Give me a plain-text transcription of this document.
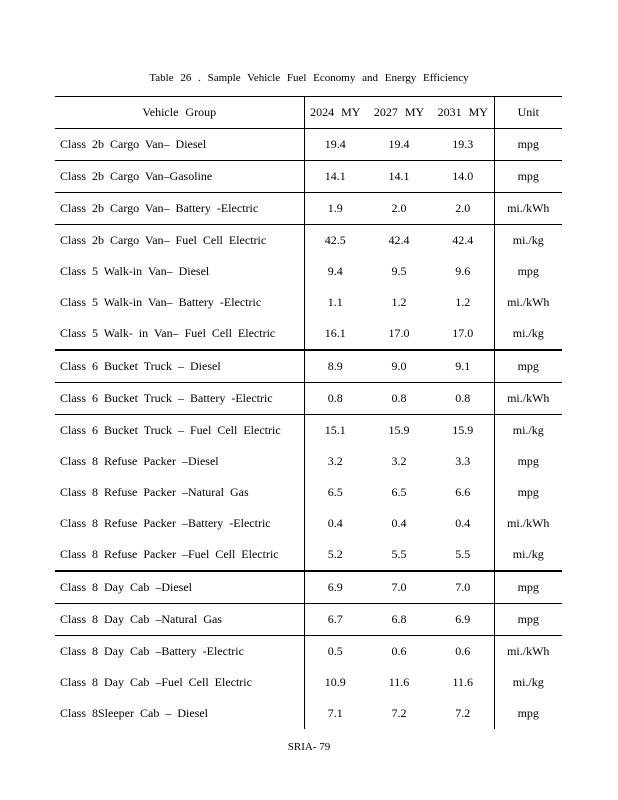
Table 26 . Sample Vehicle Fuel Economy and Energy Efficiency
Vehicle Group	2024 MY	2027 MY	2031 MY	Unit
Class 2b Cargo Van– Diesel	19.4	19.4	19.3	mpg
Class 2b Cargo Van–Gasoline	14.1	14.1	14.0	mpg
Class 2b Cargo Van– Battery -Electric	1.9	2.0	2.0	mi./kWh
Class 2b Cargo Van– Fuel Cell Electric	42.5	42.4	42.4	mi./kg
Class 5 Walk-in Van– Diesel	9.4	9.5	9.6	mpg
Class 5 Walk-in Van– Battery -Electric	1.1	1.2	1.2	mi./kWh
Class 5 Walk- in Van– Fuel Cell Electric	16.1	17.0	17.0	mi./kg
Class 6 Bucket Truck – Diesel	8.9	9.0	9.1	mpg
Class 6 Bucket Truck – Battery -Electric	0.8	0.8	0.8	mi./kWh
Class 6 Bucket Truck – Fuel Cell Electric	15.1	15.9	15.9	mi./kg
Class 8 Refuse Packer –Diesel	3.2	3.2	3.3	mpg
Class 8 Refuse Packer –Natural Gas	6.5	6.5	6.6	mpg
Class 8 Refuse Packer –Battery -Electric	0.4	0.4	0.4	mi./kWh
Class 8 Refuse Packer –Fuel Cell Electric	5.2	5.5	5.5	mi./kg
Class 8 Day Cab –Diesel	6.9	7.0	7.0	mpg
Class 8 Day Cab –Natural Gas	6.7	6.8	6.9	mpg
Class 8 Day Cab –Battery -Electric	0.5	0.6	0.6	mi./kWh
Class 8 Day Cab –Fuel Cell Electric	10.9	11.6	11.6	mi./kg
Class 8Sleeper Cab – Diesel	7.1	7.2	7.2	mpg
SRIA- 79
